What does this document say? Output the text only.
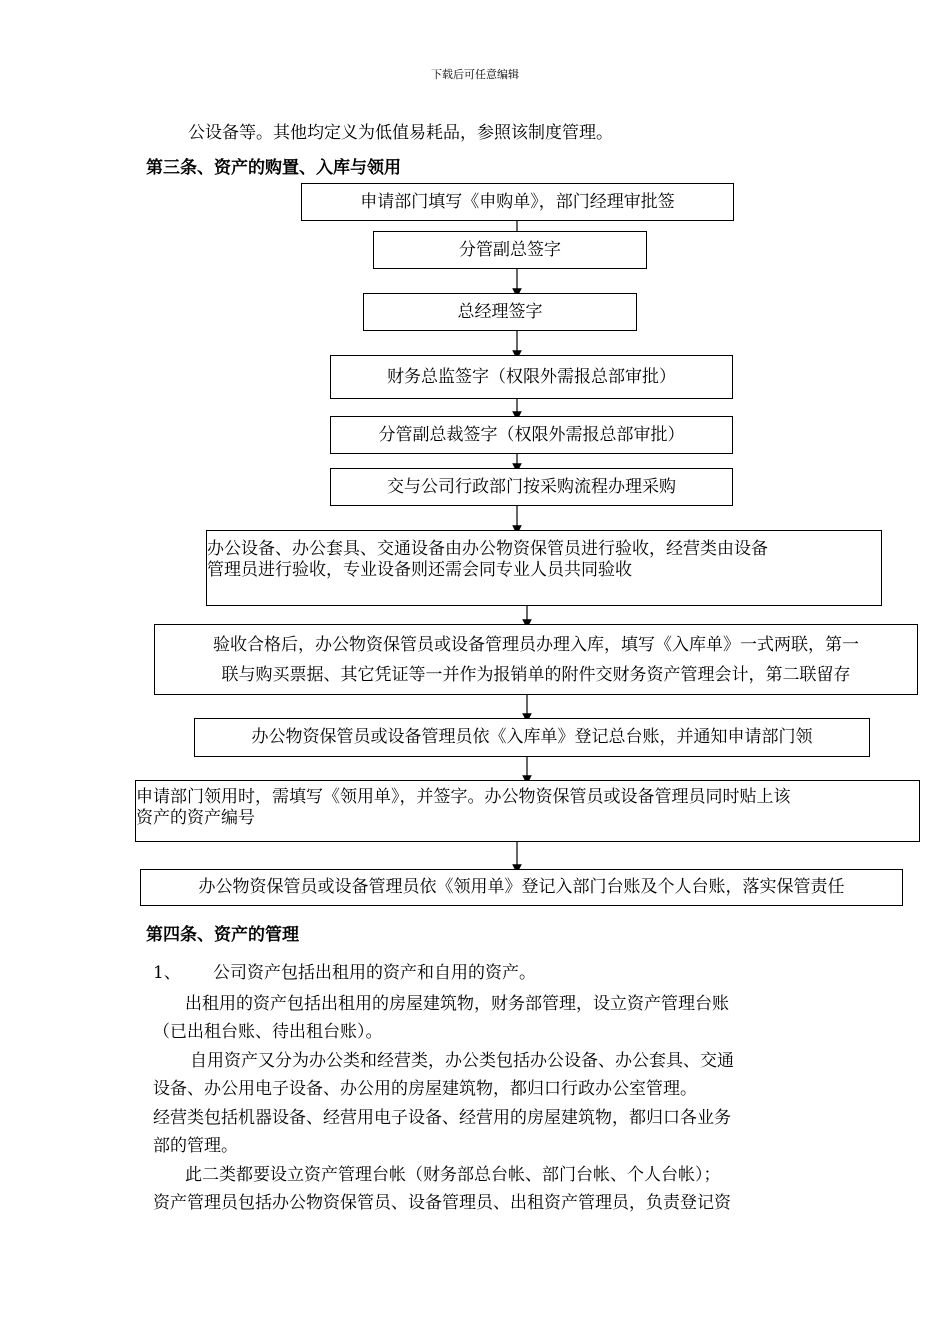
下载后可任意编辑
公设备等。其他均定义为低值易耗品，参照该制度管理。
第三条、资产的购置、入库与领用
申请部门填写《申购单》，部门经理审批签
分管副总签字
总经理签字
财务总监签字（权限外需报总部审批）
分管副总裁签字（权限外需报总部审批）
交与公司行政部门按采购流程办理采购
办公设备、办公套具、交通设备由办公物资保管员进行验收，经营类由设备
管理员进行验收，专业设备则还需会同专业人员共同验收
验收合格后，办公物资保管员或设备管理员办理入库，填写《入库单》一式两联，第一
联与购买票据、其它凭证等一并作为报销单的附件交财务资产管理会计，第二联留存
办公物资保管员或设备管理员依《入库单》登记总台账，并通知申请部门领
申请部门领用时，需填写《领用单》，并签字。办公物资保管员或设备管理员同时贴上该
资产的资产编号
办公物资保管员或设备管理员依《领用单》登记入部门台账及个人台账，落实保管责任
第四条、资产的管理
1、 公司资产包括出租用的资产和自用的资产。
出租用的资产包括出租用的房屋建筑物，财务部管理，设立资产管理台账
（已出租台账、待出租台账）。
自用资产又分为办公类和经营类，办公类包括办公设备、办公套具、交通
设备、办公用电子设备、办公用的房屋建筑物，都归口行政办公室管理。
经营类包括机器设备、经营用电子设备、经营用的房屋建筑物，都归口各业务
部的管理。
此二类都要设立资产管理台帐（财务部总台帐、部门台帐、个人台帐）；
资产管理员包括办公物资保管员、设备管理员、出租资产管理员，负责登记资
